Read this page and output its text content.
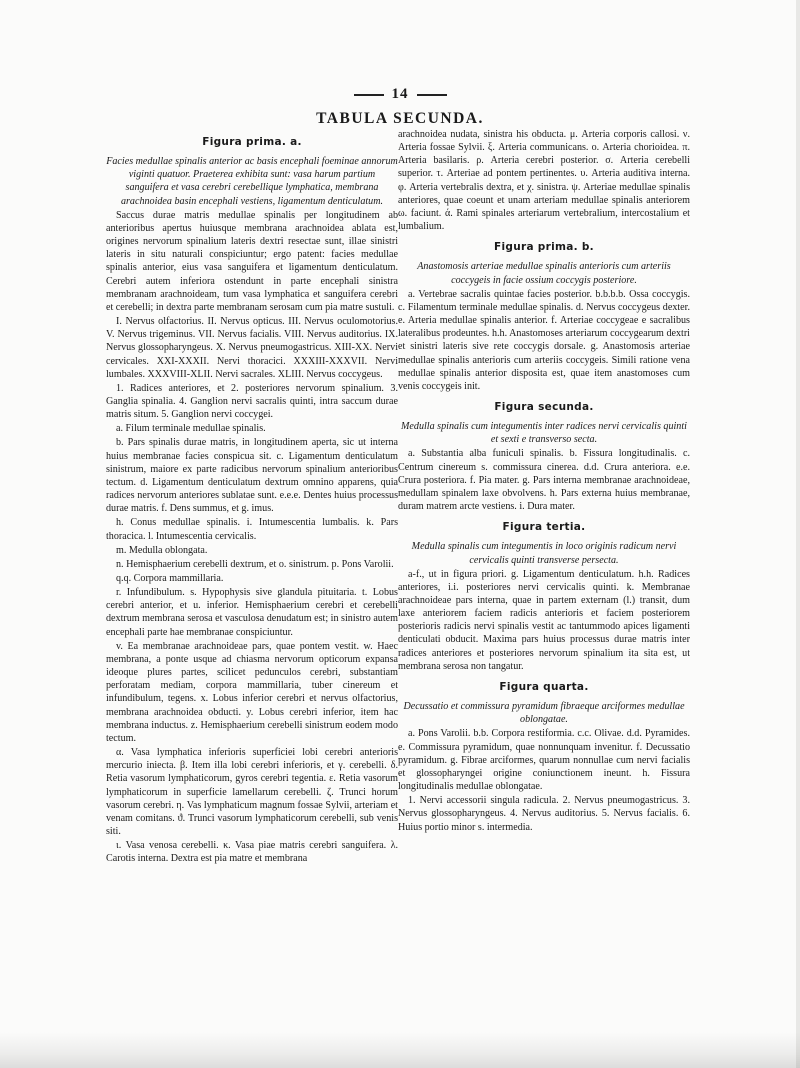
14
TABULA SECUNDA.
Figura prima. a.

Facies medullae spinalis anterior ac basis encephali foeminae annorum viginti quatuor. Praeterea exhibita sunt: vasa harum partium sanguifera et vasa cerebri cerebellique lymphatica, membrana arachnoidea basin encephali vestiens, ligamentum denticulatum.

Saccus durae matris medullae spinalis per longitudinem ab anterioribus apertus huiusque membrana arachnoidea ablata est, origines nervorum spinalium lateris dextri resectae sunt, illae sinistri lateris in situ naturali conspiciuntur; ergo patent: facies medullae spinalis anterior, eius vasa sanguifera et ligamentum denticulatum. Cerebri autem inferiora ostendunt in parte encephali sinistra membranam arachnoideam, tum vasa lymphatica et sanguifera cerebri et cerebelli; in dextra parte membranam serosam cum pia matre sustuli.

I. Nervus olfactorius. II. Nervus opticus. III. Nervus oculomotorius. V. Nervus trigeminus. VII. Nervus facialis. VIII. Nervus auditorius. IX. Nervus glossopharyngeus. X. Nervus pneumogastricus. XIII-XX. Nervi cervicales. XXI-XXXII. Nervi thoracici. XXXIII-XXXVII. Nervi lumbales. XXXVIII-XLII. Nervi sacrales. XLIII. Nervus coccygeus.

1. Radices anteriores, et 2. posteriores nervorum spinalium. 3. Ganglia spinalia. 4. Ganglion nervi sacralis quinti, intra saccum durae matris situm. 5. Ganglion nervi coccygei.

a. Filum terminale medullae spinalis.

b. Pars spinalis durae matris, in longitudinem aperta, sic ut interna huius membranae facies conspicua sit. c. Ligamentum denticulatum sinistrum, maiore ex parte radicibus nervorum spinalium anterioribus tectum. d. Ligamentum denticulatum dextrum omnino apparens, quia radices nervorum anteriores sublatae sunt. e.e.e. Dentes huius processus durae matris. f. Dens summus, et g. imus.

h. Conus medullae spinalis. i. Intumescentia lumbalis. k. Pars thoracica. l. Intumescentia cervicalis.

m. Medulla oblongata.

n. Hemisphaerium cerebelli dextrum, et o. sinistrum. p. Pons Varolii.

q.q. Corpora mammillaria.

r. Infundibulum. s. Hypophysis sive glandula pituitaria. t. Lobus cerebri anterior, et u. inferior. Hemisphaerium cerebri et cerebelli dextrum membrana serosa et vasculosa denudatum est; in sinistro autem encephali parte hae membranae conspiciuntur.

v. Ea membranae arachnoideae pars, quae pontem vestit. w. Haec membrana, a ponte usque ad chiasma nervorum opticorum expansa ideoque plures partes, scilicet pedunculos cerebri, substantiam perforatam mediam, corpora mammillaria, tuber cinereum et infundibulum, tegens. x. Lobus inferior cerebri et nervus olfactorius, membrana arachnoidea obducti. y. Lobus cerebri inferior, item hac membrana inductus. z. Hemisphaerium cerebelli sinistrum eodem modo tectum.

α. Vasa lymphatica inferioris superficiei lobi cerebri anterioris mercurio iniecta. β. Item illa lobi cerebri inferioris, et γ. cerebelli. δ. Retia vasorum lymphaticorum, gyros cerebri tegentia. ε. Retia vasorum lymphaticorum in superficie lamellarum cerebelli. ζ. Trunci horum vasorum cerebri. η. Vas lymphaticum magnum fossae Sylvii, arteriam et venam comitans. ϑ. Trunci vasorum lymphaticorum cerebelli, sub venis siti.

ι. Vasa venosa cerebelli. κ. Vasa piae matris cerebri sanguifera. λ. Carotis interna. Dextra est pia matre et membrana

arachnoidea nudata, sinistra his obducta. μ. Arteria corporis callosi. ν. Arteria fossae Sylvii. ξ. Arteria communicans. ο. Arteria chorioidea. π. Arteria basilaris. ρ. Arteria cerebri posterior. σ. Arteria cerebelli superior. τ. Arteriae ad pontem pertinentes. υ. Arteria auditiva interna. φ. Arteria vertebralis dextra, et χ. sinistra. ψ. Arteriae medullae spinalis anteriores, quae coeunt et unam arteriam medullae spinalis anteriorem ω. faciunt. ά. Rami spinales arteriarum vertebralium, intercostalium et lumbalium.

Figura prima. b.

Anastomosis arteriae medullae spinalis anterioris cum arteriis coccygeis in facie ossium coccygis posteriore.

a. Vertebrae sacralis quintae facies posterior. b.b.b.b. Ossa coccygis. c. Filamentum terminale medullae spinalis. d. Nervus coccygeus dexter. e. Arteria medullae spinalis anterior. f. Arteriae coccygeae e sacralibus lateralibus prodeuntes. h.h. Anastomoses arteriarum coccygearum dextri et sinistri lateris sive rete coccygis dorsale. g. Anastomosis arteriae medullae spinalis anterioris cum arteriis coccygeis. Simili ratione vena medullae spinalis anterior disposita est, quae item anastomoses cum venis coccygeis init.

Figura secunda.

Medulla spinalis cum integumentis inter radices nervi cervicalis quinti et sexti e transverso secta.

a. Substantia alba funiculi spinalis. b. Fissura longitudinalis. c. Centrum cinereum s. commissura cinerea. d.d. Crura anteriora. e.e. Crura posteriora. f. Pia mater. g. Pars interna membranae arachnoideae, medullam spinalem laxe obvolvens. h. Pars externa huius membranae, duram matrem arcte vestiens. i. Dura mater.

Figura tertia.

Medulla spinalis cum integumentis in loco originis radicum nervi cervicalis quinti transverse persecta.

a-f., ut in figura priori. g. Ligamentum denticulatum. h.h. Radices anteriores, i.i. posteriores nervi cervicalis quinti. k. Membranae arachnoideae pars interna, quae in partem externam (l.) transit, dum laxe anteriorem faciem radicis anterioris et faciem posteriorem posterioris radicis nervi spinalis vestit ac tantummodo apices ligamenti denticulati obducit. Maxima pars huius processus durae matris inter radices anteriores et posteriores nervorum spinalium ita sita est, ut membrana serosa non tangatur.

Figura quarta.

Decussatio et commissura pyramidum fibraeque arciformes medullae oblongatae.

a. Pons Varolii. b.b. Corpora restiformia. c.c. Olivae. d.d. Pyramides. e. Commissura pyramidum, quae nonnunquam invenitur. f. Decussatio pyramidum. g. Fibrae arciformes, quarum nonnullae cum nervi facialis et glossopharyngei origine coniunctionem ineunt. h. Fissura longitudinalis medullae oblongatae.

1. Nervi accessorii singula radicula. 2. Nervus pneumogastricus. 3. Nervus glossopharyngeus. 4. Nervus auditorius. 5. Nervus facialis. 6. Huius portio minor s. intermedia.
